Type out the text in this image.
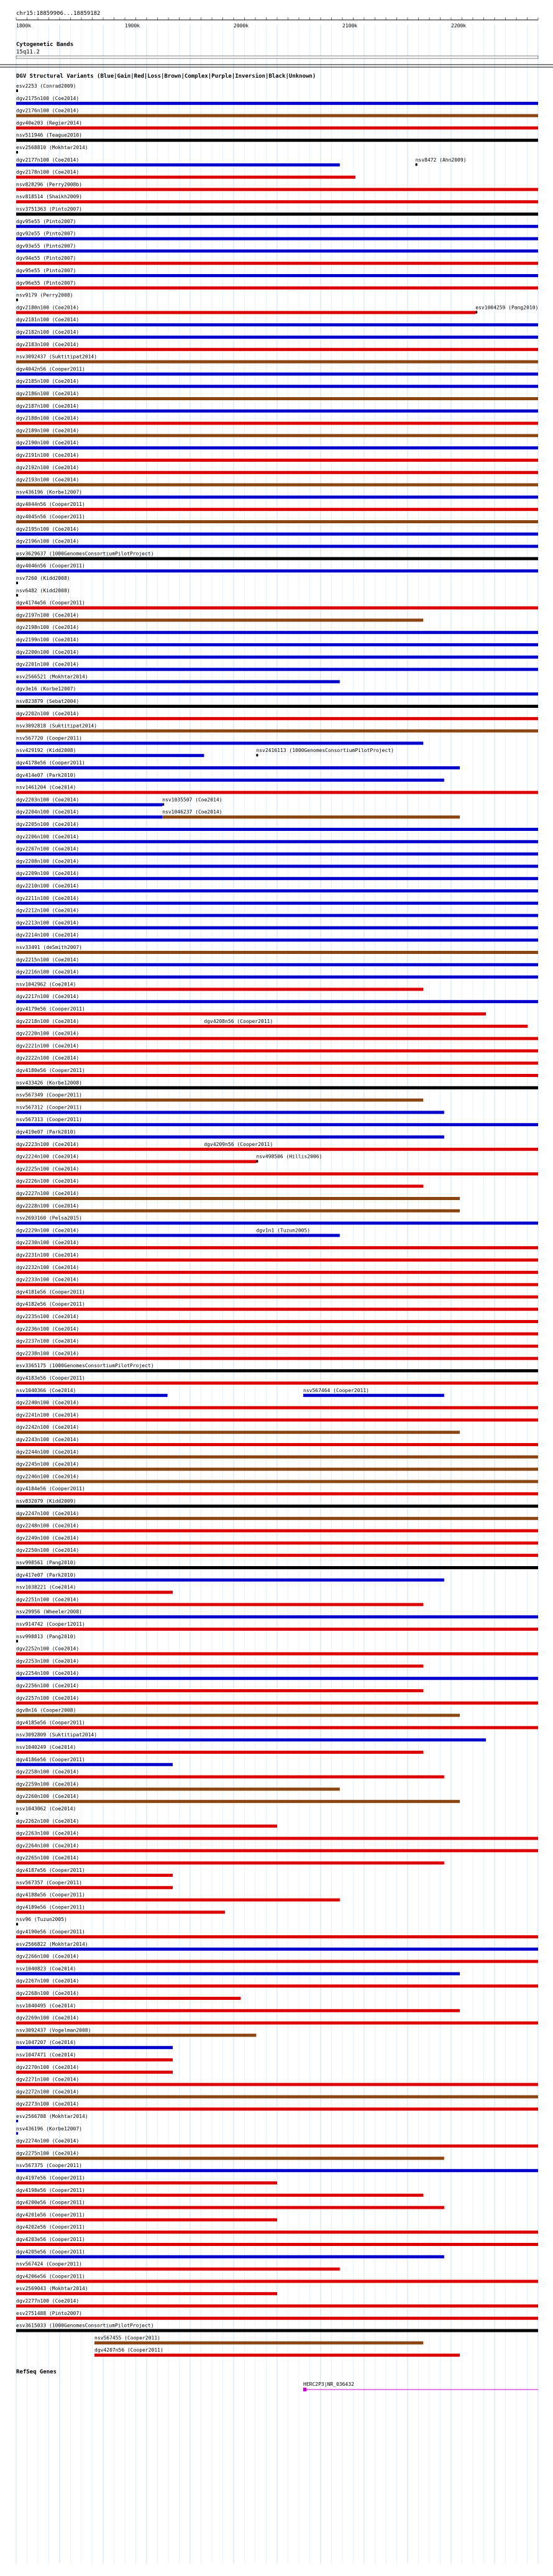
chr15:18859906...18859182
1800k	1900k	2000k	2100k	2200k
Cytogenetic Bands
15q11.2
DGV Structural Variants (Blue|Gain|Red|Loss|Brown|Complex|Purple|Inversion|Black|Unknown)
esv2253 (Conrad2009)
dgv2175n100 (Coe2014)
dgv2176n100 (Coe2014)
dgv40e203 (Regier2014)
nsv511946 (Teague2010)
esv2568810 (Mokhtar2014)
dgv2177n100 (Coe2014)	nsv8472 (Ahn2009)
dgv2178n100 (Coe2014)
nsv828296 (Perry2008b)
nsv818514 (Shaikh2009)
nsv3751363 (Pinto2007)
dgv95e55 (Pinto2007)
dgv92e55 (Pinto2007)
dgv93e55 (Pinto2007)
dgv94e55 (Pinto2007)
dgv95e55 (Pinto2007)
dgv96e55 (Pinto2007)
nsv9179 (Perry2008)
dgv2180n100 (Coe2014)	esv1004259 (Pang2010)
dgv2181n100 (Coe2014)
dgv2182n100 (Coe2014)
dgv2183n100 (Coe2014)
nsv3092437 (Suktitipat2014)
dgv4042n56 (Cooper2011)
dgv2185n100 (Coe2014)
dgv2186n100 (Coe2014)
dgv2187n100 (Coe2014)
dgv2188n100 (Coe2014)
dgv2189n100 (Coe2014)
dgv2190n100 (Coe2014)
dgv2191n100 (Coe2014)
dgv2192n100 (Coe2014)
dgv2193n100 (Coe2014)
nsv436196 (Korbe12007)
dgv4044n56 (Cooper2011)
dgv4045n56 (Cooper2011)
dgv2195n100 (Coe2014)
dgv2196n100 (Coe2014)
esv3629637 (1000GenomesConsortiumPilotProject)
dgv4046n56 (Cooper2011)
nsv7260 (Kidd2008)
nsv6482 (Kidd2008)
dgv4174e56 (Cooper2011)
dgv2197n100 (Coe2014)
dgv2198n100 (Coe2014)
dgv2199n100 (Coe2014)
dgv2200n100 (Coe2014)
dgv2201n100 (Coe2014)
esv2566521 (Mokhtar2014)
dgv3e16 (Korbe12007)
nsv823879 (Sebat2004)
dgv2202n100 (Coe2014)
nsv3092818 (Suktitipat2014)
nsv567720 (Cooper2011)
nsv429192 (Kidd2008)	nsv2416113 (1000GenomesConsortiumPilotProject)
dgv4178e56 (Cooper2011)
dgv414e07 (Park2010)
nsv1461204 (Coe2014)
dgv2203n100 (Coe2014)	nsv1035507 (Coe2014)
dgv2204n100 (Coe2014)	nsv1046237 (Coe2014)
dgv2205n100 (Coe2014)
dgv2206n100 (Coe2014)
dgv2207n100 (Coe2014)
dgv2208n100 (Coe2014)
dgv2209n100 (Coe2014)
dgv2210n100 (Coe2014)
dgv2211n100 (Coe2014)
dgv2212n100 (Coe2014)
dgv2213n100 (Coe2014)
dgv2214n100 (Coe2014)
nsv33491 (deSmith2007)
dgv2215n100 (Coe2014)
dgv2216n100 (Coe2014)
nsv1042962 (Coe2014)
dgv2217n100 (Coe2014)
dgv4179e56 (Cooper2011)
dgv2218n100 (Coe2014)	dgv4208n56 (Cooper2011)
dgv2220n100 (Coe2014)
dgv2221n100 (Coe2014)
dgv2222n100 (Coe2014)
dgv4180e56 (Cooper2011)
nsv433426 (Korbe12008)
nsv567349 (Cooper2011)
nsv567312 (Cooper2011)
nsv567313 (Cooper2011)
dgv419e07 (Park2010)
dgv2223n100 (Coe2014)	dgv4209n56 (Cooper2011)
dgv2224n100 (Coe2014)	nsv498506 (Hillis2006)
dgv2225n100 (Coe2014)
dgv2226n100 (Coe2014)
dgv2227n100 (Coe2014)
dgv2228n100 (Coe2014)
nsv2693160 (Pelsa2015)
dgv2229n100 (Coe2014)	dgv1n1 (Tuzun2005)
dgv2230n100 (Coe2014)
dgv2231n100 (Coe2014)
dgv2232n100 (Coe2014)
dgv2233n100 (Coe2014)
dgv4181e56 (Cooper2011)
dgv4182e56 (Cooper2011)
dgv2235n100 (Coe2014)
dgv2236n100 (Coe2014)
dgv2237n100 (Coe2014)
dgv2238n100 (Coe2014)
esv3365175 (1000GenomesConsortiumPilotProject)
dgv4183e56 (Cooper2011)
nsv1040366 (Coe2014)	nsv567464 (Cooper2011)
dgv2240n100 (Coe2014)
dgv2241n100 (Coe2014)
dgv2242n100 (Coe2014)
dgv2243n100 (Coe2014)
dgv2244n100 (Coe2014)
dgv2245n100 (Coe2014)
dgv2246n100 (Coe2014)
dgv4184e56 (Cooper2011)
nsv832079 (Kidd2009)
dgv2247n100 (Coe2014)
dgv2248n100 (Coe2014)
dgv2249n100 (Coe2014)
dgv2250n100 (Coe2014)
nsv998561 (Pang2010)
dgv417e07 (Park2010)
nsv1038221 (Coe2014)
dgv2251n100 (Coe2014)
nsv29956 (Wheeler2008)
nsv914742 (Cooper12011)
nsv998813 (Pang2010)
dgv2252n100 (Coe2014)
dgv2253n100 (Coe2014)
dgv2254n100 (Coe2014)
dgv2256n100 (Coe2014)
dgv2257n100 (Coe2014)
dgv8n16 (Cooper2008)
dgv4185e56 (Cooper2011)
nsv3092809 (Suktitipat2014)
nsv1040249 (Coe2014)
dgv4186e56 (Cooper2011)
dgv2258n100 (Coe2014)
dgv2259n100 (Coe2014)
dgv2260n100 (Coe2014)
nsv1043062 (Coe2014)
dgv2262n100 (Coe2014)
dgv2263n100 (Coe2014)
dgv2264n100 (Coe2014)
dgv2265n100 (Coe2014)
dgv4187e56 (Cooper2011)
nsv567357 (Cooper2011)
dgv4188e56 (Cooper2011)
dgv4189e56 (Cooper2011)
nsv96 (Tuzun2005)
dgv4190e56 (Cooper2011)
esv2566822 (Mokhtar2014)
dgv2266n100 (Coe2014)
nsv1040823 (Coe2014)
dgv2267n100 (Coe2014)
dgv2268n100 (Coe2014)
nsv1040495 (Coe2014)
dgv2269n100 (Coe2014)
nsv3092437 (Vogelman2008)
nsv1047207 (Coe2014)
nsv1047471 (Coe2014)
dgv2270n100 (Coe2014)
dgv2271n100 (Coe2014)
dgv2272n100 (Coe2014)
dgv2273n100 (Coe2014)
esv2566788 (Mokhtar2014)
nsv436196 (Korbe12007)
dgv2274n100 (Coe2014)
dgv2275n100 (Coe2014)
nsv567375 (Cooper2011)
dgv4197e56 (Cooper2011)
dgv4198e56 (Cooper2011)
dgv4200e56 (Cooper2011)
dgv4201e56 (Cooper2011)
dgv4202e56 (Cooper2011)
dgv4203e56 (Cooper2011)
dgv4205e56 (Cooper2011)
nsv567424 (Cooper2011)
dgv4206e56 (Cooper2011)
esv2569043 (Mokhtar2014)
dgv2277n100 (Coe2014)
esv2751488 (Pinto2007)
esv3615033 (1000GenomesConsortiumPilotProject)
nsv567455 (Cooper2011)
dgv4207n56 (Cooper2011)
RefSeq Genes
HERC2P3|NR_036432
